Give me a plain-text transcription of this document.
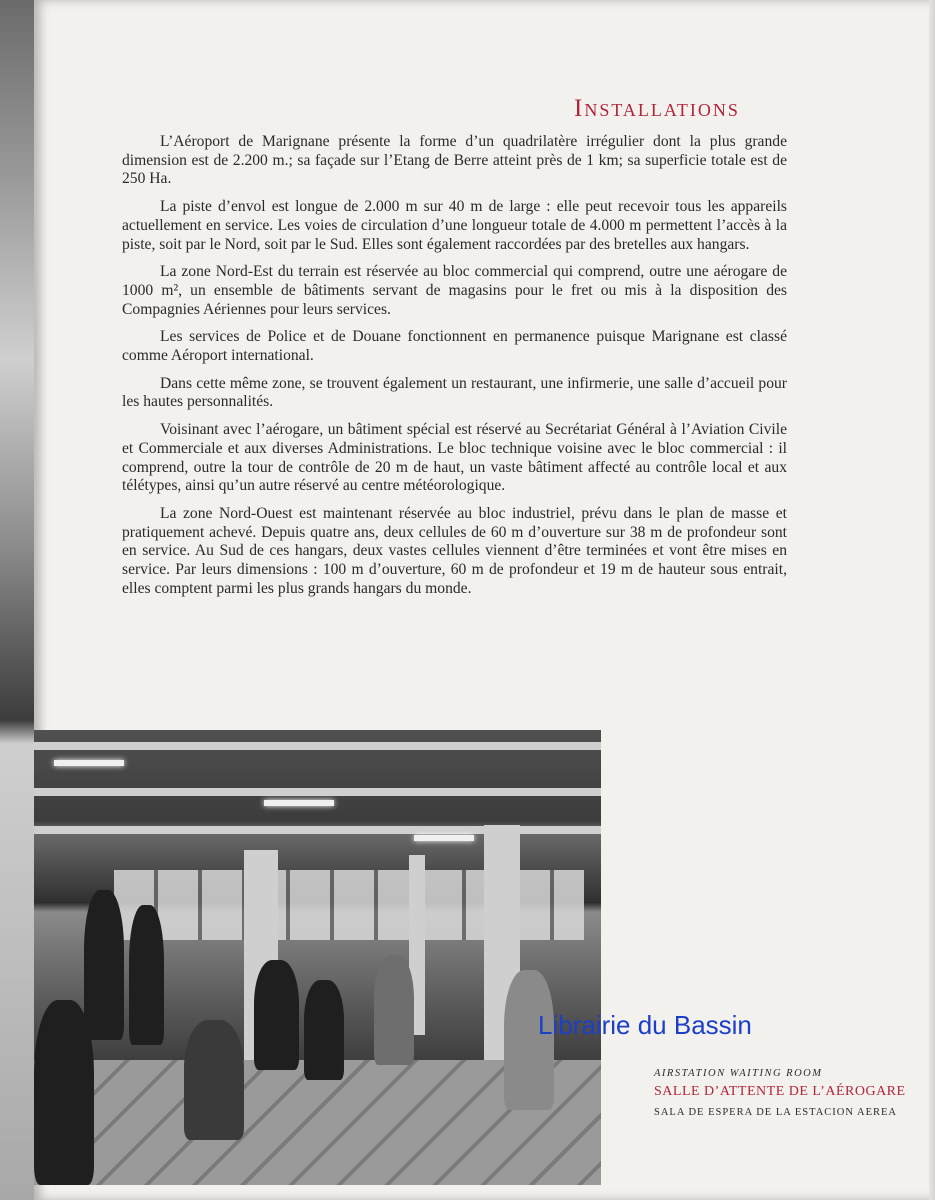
Installations

L’Aéroport de Marignane présente la forme d’un quadrilatère irrégulier dont la plus grande dimension est de 2.200 m.; sa façade sur l’Etang de Berre atteint près de 1 km; sa superficie totale est de 250 Ha.

La piste d’envol est longue de 2.000 m sur 40 m de large : elle peut recevoir tous les appareils actuellement en service. Les voies de circulation d’une longueur totale de 4.000 m permettent l’accès à la piste, soit par le Nord, soit par le Sud. Elles sont également raccordées par des bretelles aux hangars.

La zone Nord-Est du terrain est réservée au bloc commercial qui comprend, outre une aérogare de 1000 m², un ensemble de bâtiments servant de magasins pour le fret ou mis à la disposition des Compagnies Aériennes pour leurs services.

Les services de Police et de Douane fonctionnent en permanence puisque Marignane est classé comme Aéroport international.

Dans cette même zone, se trouvent également un restaurant, une infirmerie, une salle d’accueil pour les hautes personnalités.

Voisinant avec l’aérogare, un bâtiment spécial est réservé au Secrétariat Général à l’Aviation Civile et Commerciale et aux diverses Administrations. Le bloc technique voisine avec le bloc commercial : il comprend, outre la tour de contrôle de 20 m de haut, un vaste bâtiment affecté au contrôle local et aux télétypes, ainsi qu’un autre réservé au centre météorologique.

La zone Nord-Ouest est maintenant réservée au bloc industriel, prévu dans le plan de masse et pratiquement achevé. Depuis quatre ans, deux cellules de 60 m d’ouverture sur 38 m de profondeur sont en service. Au Sud de ces hangars, deux vastes cellules viennent d’être terminées et vont être mises en service. Par leurs dimensions : 100 m d’ouverture, 60 m de profondeur et 19 m de hauteur sous entrait, elles comptent parmi les plus grands hangars du monde.

AIRSTATION WAITING ROOM
SALLE D’ATTENTE DE L’AÉROGARE
SALA DE ESPERA DE LA ESTACION AEREA
Librairie du Bassin
